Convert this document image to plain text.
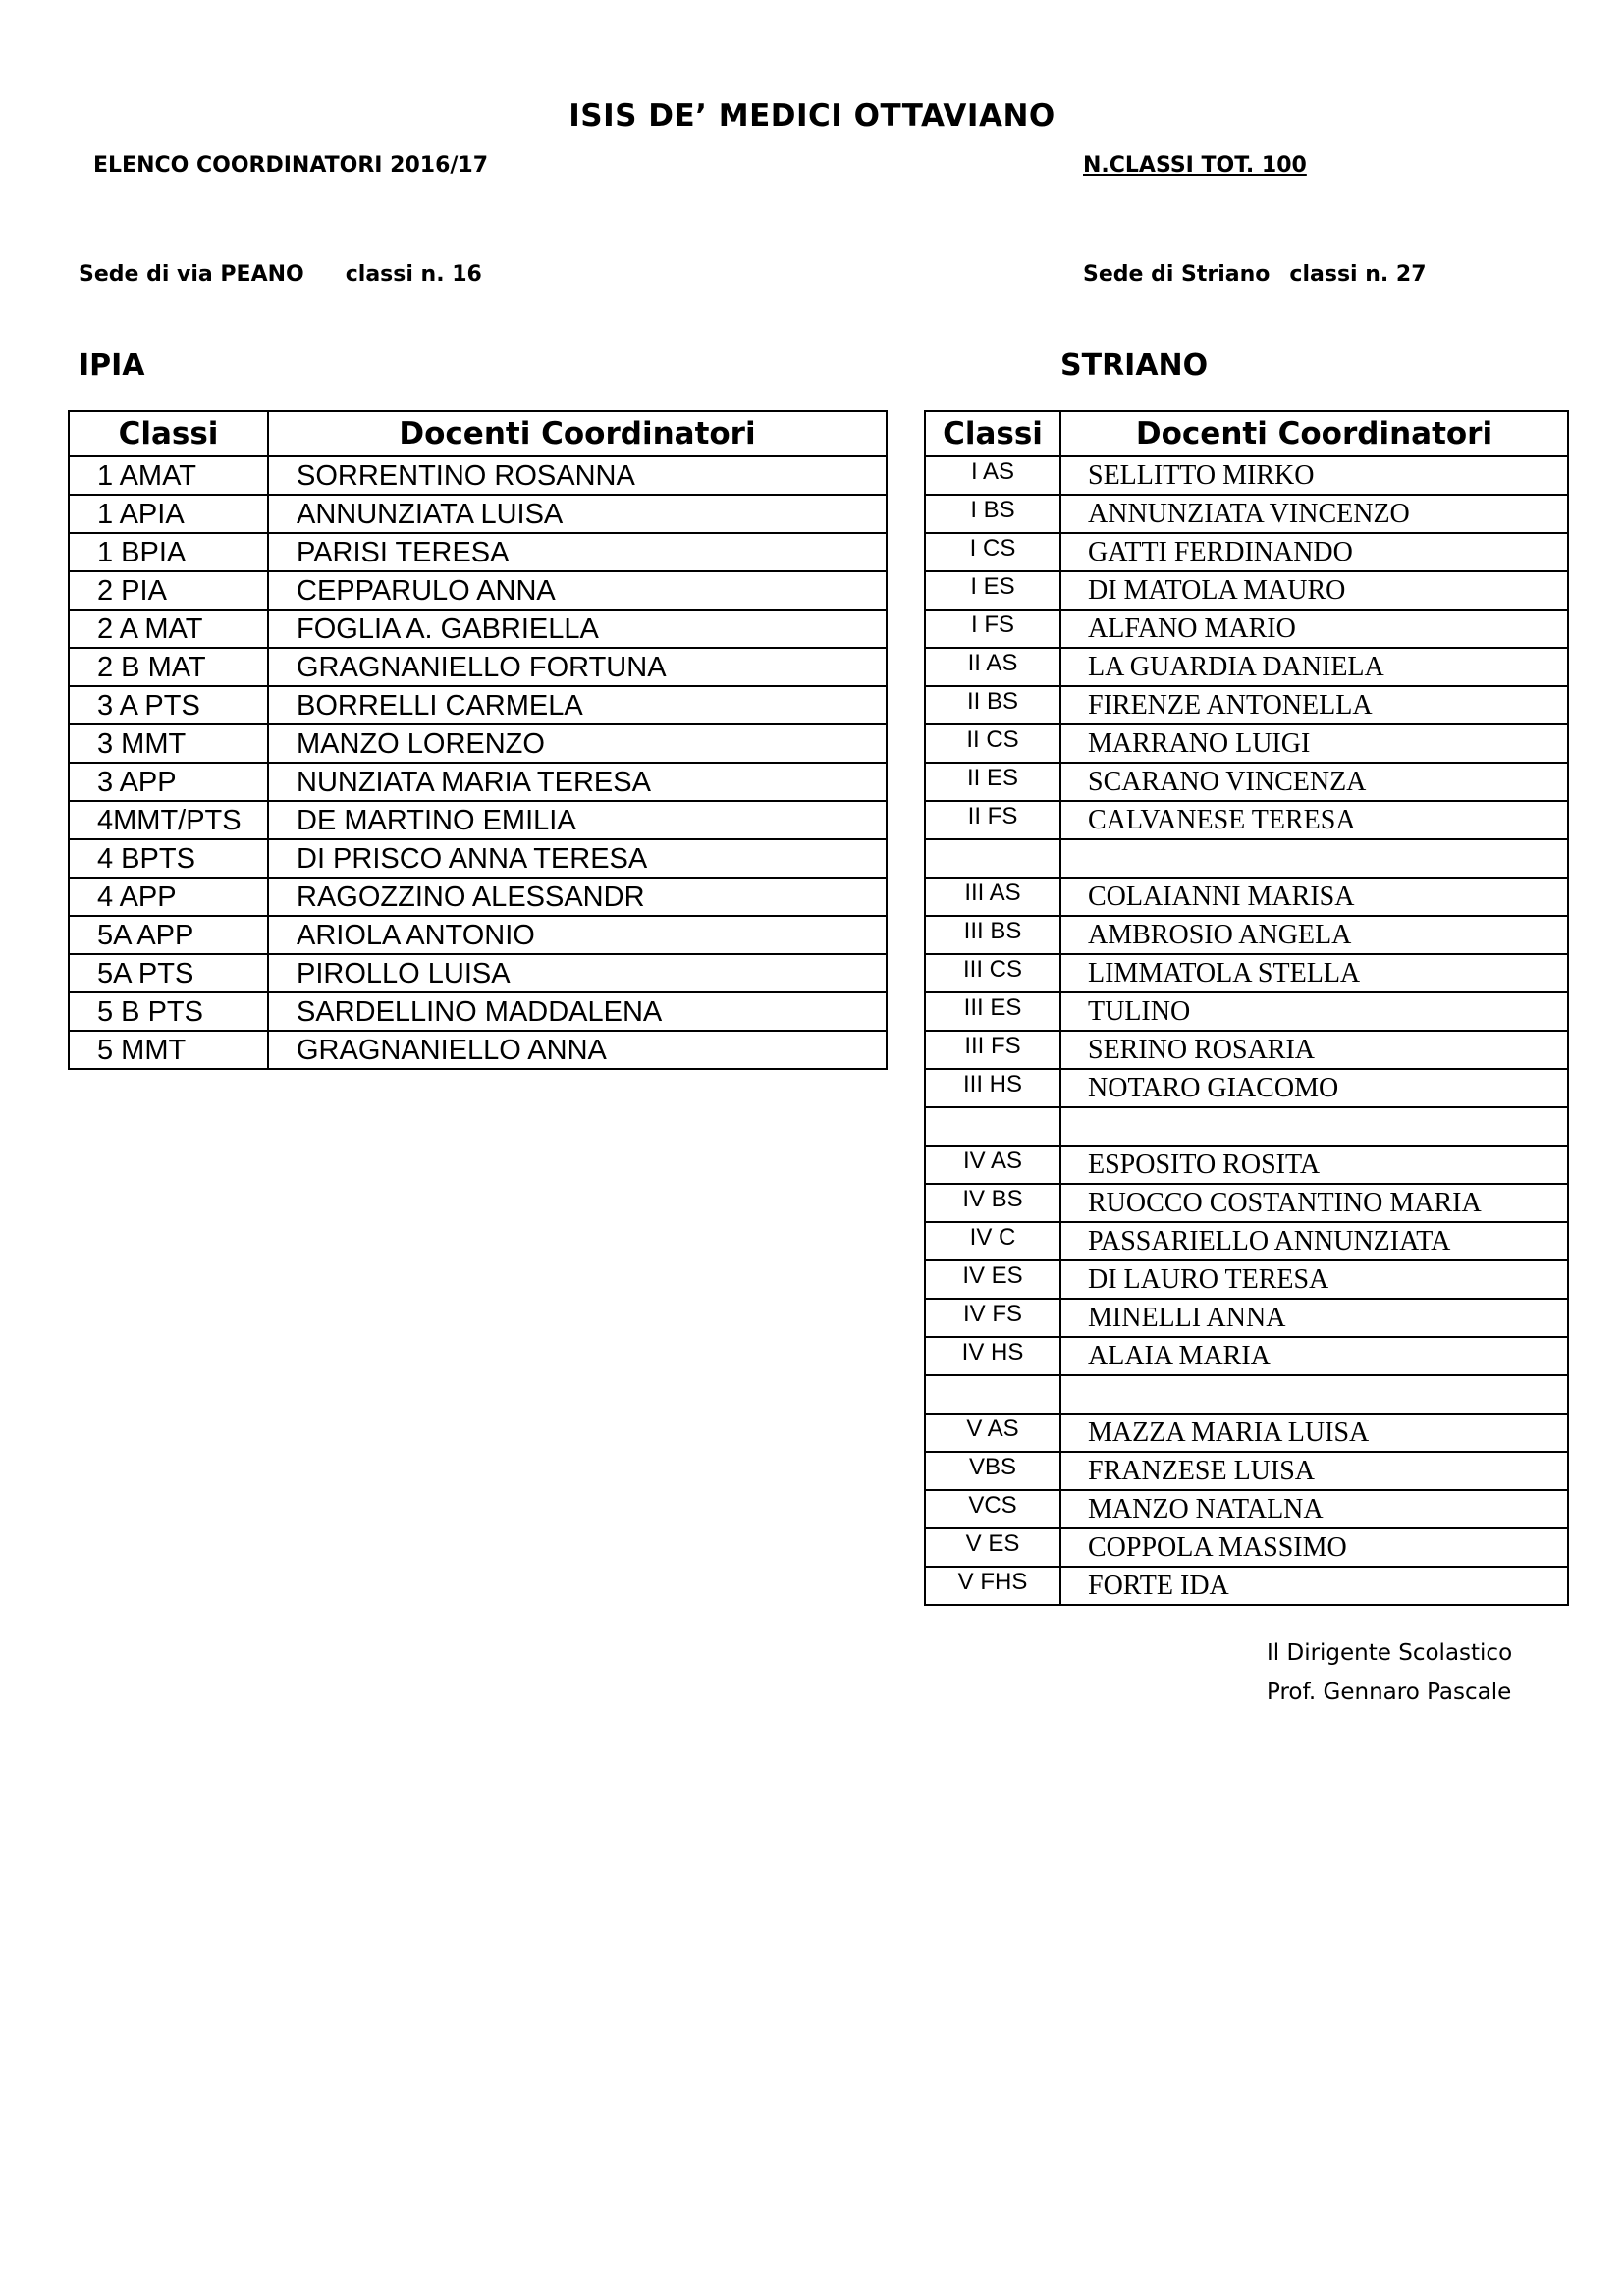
ISIS DE’ MEDICI OTTAVIANO
ELENCO COORDINATORI 2016/17	N.CLASSI TOT. 100
Sede di via PEANO classi n. 16	Sede di Striano classi n. 27
IPIA	STRIANO
Classi	Docenti Coordinatori
1 AMAT	SORRENTINO ROSANNA
1 APIA	ANNUNZIATA LUISA
1 BPIA	PARISI TERESA
2 PIA	CEPPARULO ANNA
2 A MAT	FOGLIA A. GABRIELLA
2 B MAT	GRAGNANIELLO FORTUNA
3 A PTS	BORRELLI CARMELA
3 MMT	MANZO LORENZO
3 APP	NUNZIATA MARIA TERESA
4MMT/PTS	DE MARTINO EMILIA
4 BPTS	DI PRISCO ANNA TERESA
4 APP	RAGOZZINO ALESSANDR
5A APP	ARIOLA ANTONIO
5A PTS	PIROLLO LUISA
5 B PTS	SARDELLINO MADDALENA
5 MMT	GRAGNANIELLO ANNA
Classi	Docenti Coordinatori
I AS	SELLITTO MIRKO
I BS	ANNUNZIATA VINCENZO
I CS	GATTI FERDINANDO
I ES	DI MATOLA MAURO
I FS	ALFANO MARIO
II AS	LA GUARDIA DANIELA
II BS	FIRENZE ANTONELLA
II CS	MARRANO LUIGI
II ES	SCARANO VINCENZA
II FS	CALVANESE TERESA

III AS	COLAIANNI MARISA
III BS	AMBROSIO ANGELA
III CS	LIMMATOLA STELLA
III ES	TULINO
III FS	SERINO ROSARIA
III HS	NOTARO GIACOMO

IV AS	ESPOSITO ROSITA
IV BS	RUOCCO COSTANTINO MARIA
IV C	PASSARIELLO ANNUNZIATA
IV ES	DI LAURO TERESA
IV FS	MINELLI ANNA
IV HS	ALAIA MARIA

V AS	MAZZA MARIA LUISA
VBS	FRANZESE LUISA
VCS	MANZO NATALNA
V ES	COPPOLA MASSIMO
V FHS	FORTE IDA
Il Dirigente Scolastico
Prof. Gennaro Pascale
